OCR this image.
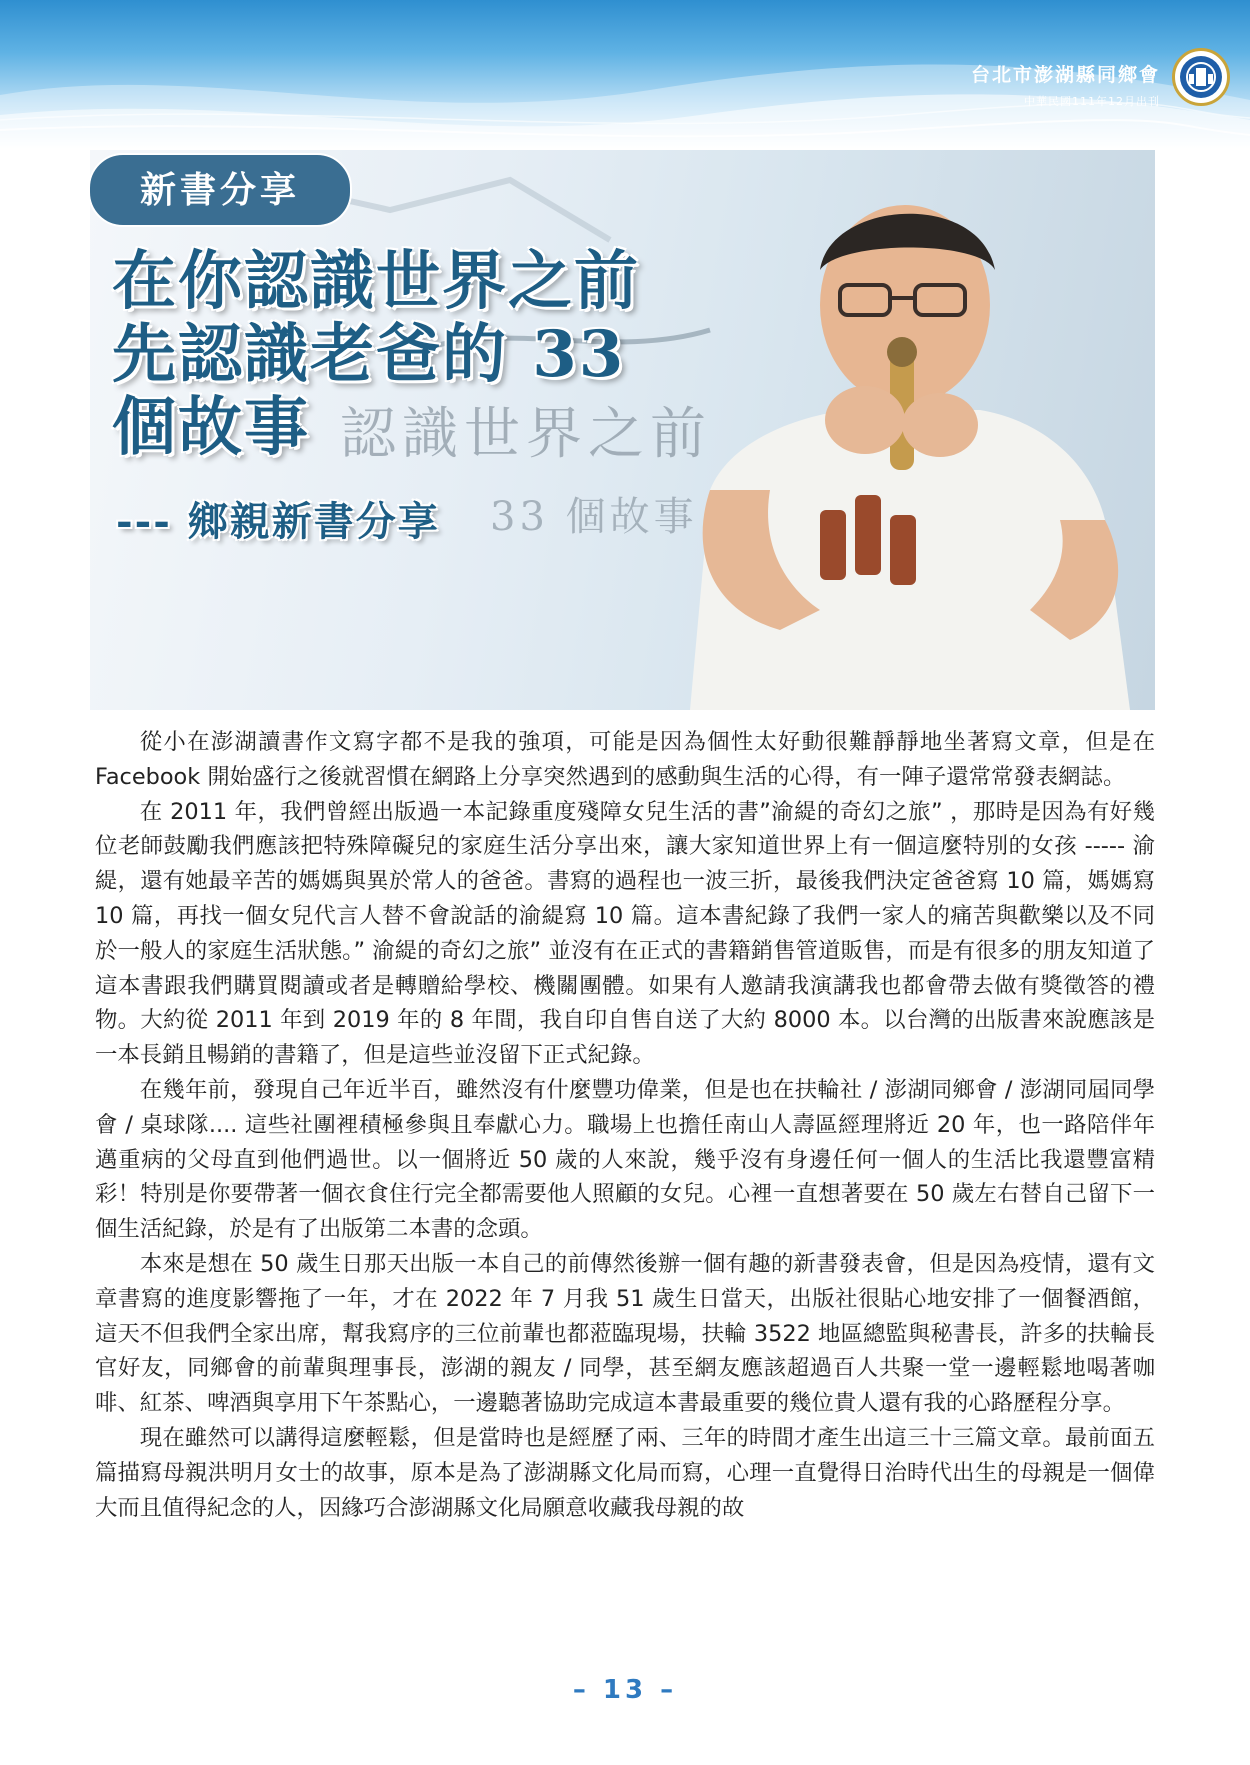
台北市澎湖縣同鄉會
中華民國111年12月出刊
認識世界之前
33 個故事
新書分享
在你認識世界之前
先認識老爸的 33
個故事
--- 鄉親新書分享

從小在澎湖讀書作文寫字都不是我的強項，可能是因為個性太好動很難靜靜地坐著寫文章，但是在 Facebook 開始盛行之後就習慣在網路上分享突然遇到的感動與生活的心得，有一陣子還常常發表網誌。

在 2011 年，我們曾經出版過一本記錄重度殘障女兒生活的書”渝緹的奇幻之旅” ，那時是因為有好幾位老師鼓勵我們應該把特殊障礙兒的家庭生活分享出來，讓大家知道世界上有一個這麼特別的女孩 ----- 渝緹，還有她最辛苦的媽媽與異於常人的爸爸。書寫的過程也一波三折，最後我們決定爸爸寫 10 篇，媽媽寫 10 篇，再找一個女兒代言人替不會說話的渝緹寫 10 篇。這本書紀錄了我們一家人的痛苦與歡樂以及不同於一般人的家庭生活狀態。” 渝緹的奇幻之旅” 並沒有在正式的書籍銷售管道販售，而是有很多的朋友知道了這本書跟我們購買閱讀或者是轉贈給學校、機關團體。如果有人邀請我演講我也都會帶去做有獎徵答的禮物。大約從 2011 年到 2019 年的 8 年間，我自印自售自送了大約 8000 本。以台灣的出版書來說應該是一本長銷且暢銷的書籍了，但是這些並沒留下正式紀錄。

在幾年前，發現自己年近半百，雖然沒有什麼豐功偉業，但是也在扶輪社 / 澎湖同鄉會 / 澎湖同屆同學會 / 桌球隊.... 這些社團裡積極參與且奉獻心力。職場上也擔任南山人壽區經理將近 20 年，也一路陪伴年邁重病的父母直到他們過世。以一個將近 50 歲的人來說，幾乎沒有身邊任何一個人的生活比我還豐富精彩！特別是你要帶著一個衣食住行完全都需要他人照顧的女兒。心裡一直想著要在 50 歲左右替自己留下一個生活紀錄，於是有了出版第二本書的念頭。

本來是想在 50 歲生日那天出版一本自己的前傳然後辦一個有趣的新書發表會，但是因為疫情，還有文章書寫的進度影響拖了一年，才在 2022 年 7 月我 51 歲生日當天，出版社很貼心地安排了一個餐酒館，這天不但我們全家出席，幫我寫序的三位前輩也都蒞臨現場，扶輪 3522 地區總監與秘書長，許多的扶輪長官好友，同鄉會的前輩與理事長，澎湖的親友 / 同學，甚至網友應該超過百人共聚一堂一邊輕鬆地喝著咖啡、紅茶、啤酒與享用下午茶點心，一邊聽著協助完成這本書最重要的幾位貴人還有我的心路歷程分享。

現在雖然可以講得這麼輕鬆，但是當時也是經歷了兩、三年的時間才產生出這三十三篇文章。最前面五篇描寫母親洪明月女士的故事，原本是為了澎湖縣文化局而寫，心理一直覺得日治時代出生的母親是一個偉大而且值得紀念的人，因緣巧合澎湖縣文化局願意收藏我母親的故

– 13 –
